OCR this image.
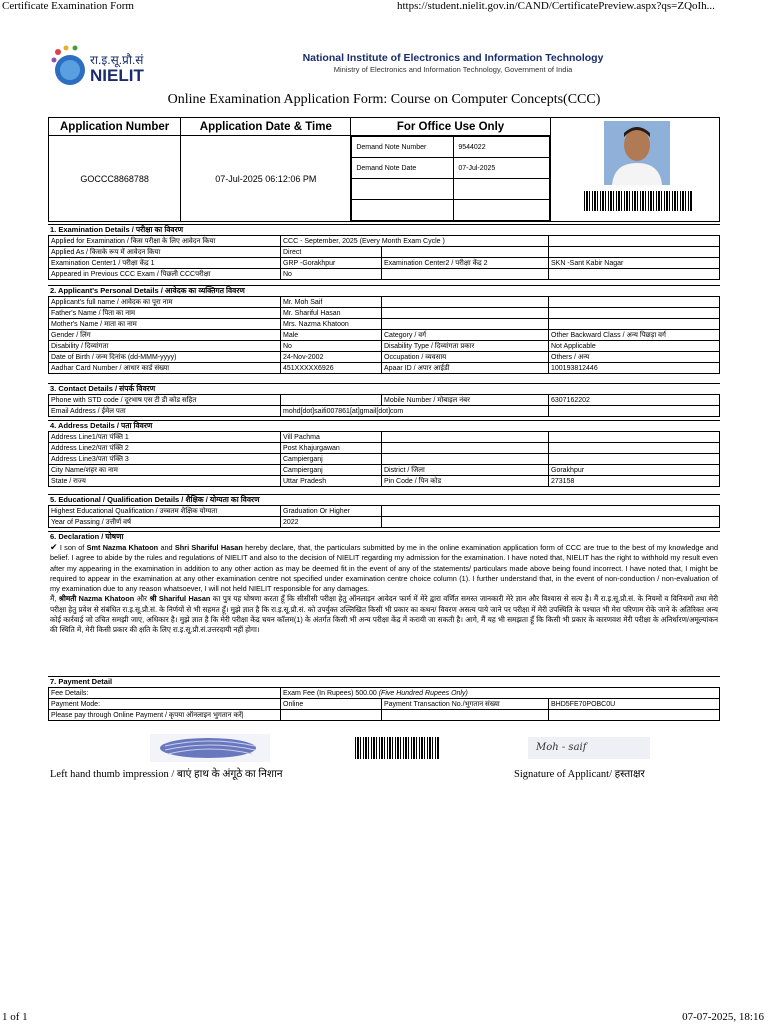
Certificate Examination Form	https://student.nielit.gov.in/CAND/CertificatePreview.aspx?qs=ZQoIh...
रा.इ.सू.प्रौ.सं
NIELIT
National Institute of Electronics and Information Technology
Ministry of Electronics and Information Technology, Government of India
Online Examination Application Form: Course on Computer Concepts(CCC)
Application Number	Application Date & Time	For Office Use Only	

GOCCC8868788	07-Jul-2025 06:12:06 PM	
Demand Note Number	9544022
Demand Note Date	07-Jul-2025

1. Examination Details / परीक्षा का विवरण
Applied for Examination / किस परीक्षा के लिए आवेदन किया	CCC - September, 2025 (Every Month Exam Cycle )		
Applied As / किसके रूप में आवेदन किया	Direct		
Examination Center1 / परीक्षा केंद्र 1	GRP -Gorakhpur	Examination Center2 / परीक्षा केंद्र 2	SKN -Sant Kabir Nagar
Appeared in Previous CCC Exam / पिछली CCCपरीक्षा	No		
2. Applicant's Personal Details / आवेदक का व्यक्तिगत विवरण
Applicant's full name / आवेदक का पूरा नाम	Mr. Moh Saif		
Father's Name / पिता का नाम	Mr. Shariful Hasan		
Mother's Name / माता का नाम	Mrs. Nazma Khatoon		
Gender / लिंग	Male	Category / वर्ग	Other Backward Class / अन्य पिछड़ा वर्ग
Disability / दिव्यांगता	No	Disability Type / दिव्यांगता प्रकार	Not Applicable
Date of Birth / जन्म दिनांक (dd-MMM-yyyy)	24-Nov-2002	Occupation / व्यवसाय	Others / अन्य
Aadhar Card Number / आधार कार्ड संख्या	451XXXXX6926	Apaar ID / अपार आईडी	100193812446
3. Contact Details / संपर्क विवरण
Phone with STD code / दूरभाष एस टी डी कोड सहित		Mobile Number / मोबाइल नंबर	6307162202
Email Address / ईमेल पता	mohd[dot]saifi007861[at]gmail[dot]com		
4. Address Details / पता विवरण
Address Line1/पता पंक्ति 1	Vill Pachma		
Address Line2/पता पंक्ति 2	Post Khajurgawan		
Address Line3/पता पंक्ति 3	Campierganj		
City Name/शहर का नाम	Campierganj	District / जिला	Gorakhpur
State / राज्य	Uttar Pradesh	Pin Code / पिन कोड	273158
5. Educational / Qualification Details / शैक्षिक / योग्यता का विवरण
Highest Educational Qualification / उच्चतम शैक्षिक योग्यता	Graduation Or Higher	
Year of Passing / उत्तीर्ण वर्ष	2022	
6. Declaration / घोषणा
✔ I son of Smt Nazma Khatoon and Shri Shariful Hasan hereby declare, that, the particulars submitted by me in the online examination application form of CCC are true to the best of my knowledge and belief. I agree to abide by the rules and regulations of NIELIT and also to the decision of NIELIT regarding my admission for the examination. I have noted that, NIELIT has the right to withhold my result even after my appearing in the examination in addition to any other action as may be deemed fit in the event of any of the statements/ particulars made above being found incorrect. I have noted that, I might be required to appear in the examination at any other examination centre not specified under examination centre choice column (1). I further understand that, in the event of non-conduction / non-evaluation of my examination due to any reason whatsoever, I will not held NIELIT responsible for any damages.
मैं, श्रीमती Nazma Khatoon और श्री Shariful Hasan का पुत्र यह घोषणा करता हूँ कि सीसीसी परीक्षा हेतु ऑनलाइन आवेदन फार्म में मेरे द्वारा वर्णित समस्त जानकारी मेरे ज्ञान और विश्वास से सत्य है। मैं रा.इ.सू.प्रौ.सं. के नियमों व विनियमों तथा मेरी परीक्षा हेतु प्रवेश से संबंधित रा.इ.सू.प्रौ.सं. के निर्णयों से भी सहमत हूँ। मुझे ज्ञात है कि रा.इ.सू.प्रौ.सं. को उपर्युक्त उल्लिखित किसी भी प्रकार का कथन/ विवरण असत्य पाये जाने पर परीक्षा में मेरी उपस्थिति के पश्चात भी मेरा परिणाम रोके जाने के अतिरिक्त अन्य कोई कार्रवाई जो उचित समझी जाए, अधिकार है। मुझे ज्ञात है कि मेरी परीक्षा केंद्र चयन कॉलम(1) के अंतर्गत किसी भी अन्य परीक्षा केंद्र में करायी जा सकती है। आगे, मैं यह भी समझता हूँ कि किसी भी प्रकार के कारणवश मेरी परीक्षा के अनिर्धारण/अमूल्यांकन की स्थिति में, मेरी किसी प्रकार की क्षति के लिए रा.इ.सू.प्रौ.सं.उत्तरदायी नहीं होगा।
7. Payment Detail
Fee Details:	Exam Fee (In Rupees) 500.00 (Five Hundred Rupees Only)		
Payment Mode:	Online	Payment Transaction No./भुगतान संख्या	BHD5FE70POBC0U
Please pay through Online Payment / कृपया ऑनलाइन भुगतान करें|			
Moh - saif
Left hand thumb impression / बाएं हाथ के अंगूठे का निशान	Signature of Applicant/ हस्ताक्षर
1 of 1	07-07-2025, 18:16
